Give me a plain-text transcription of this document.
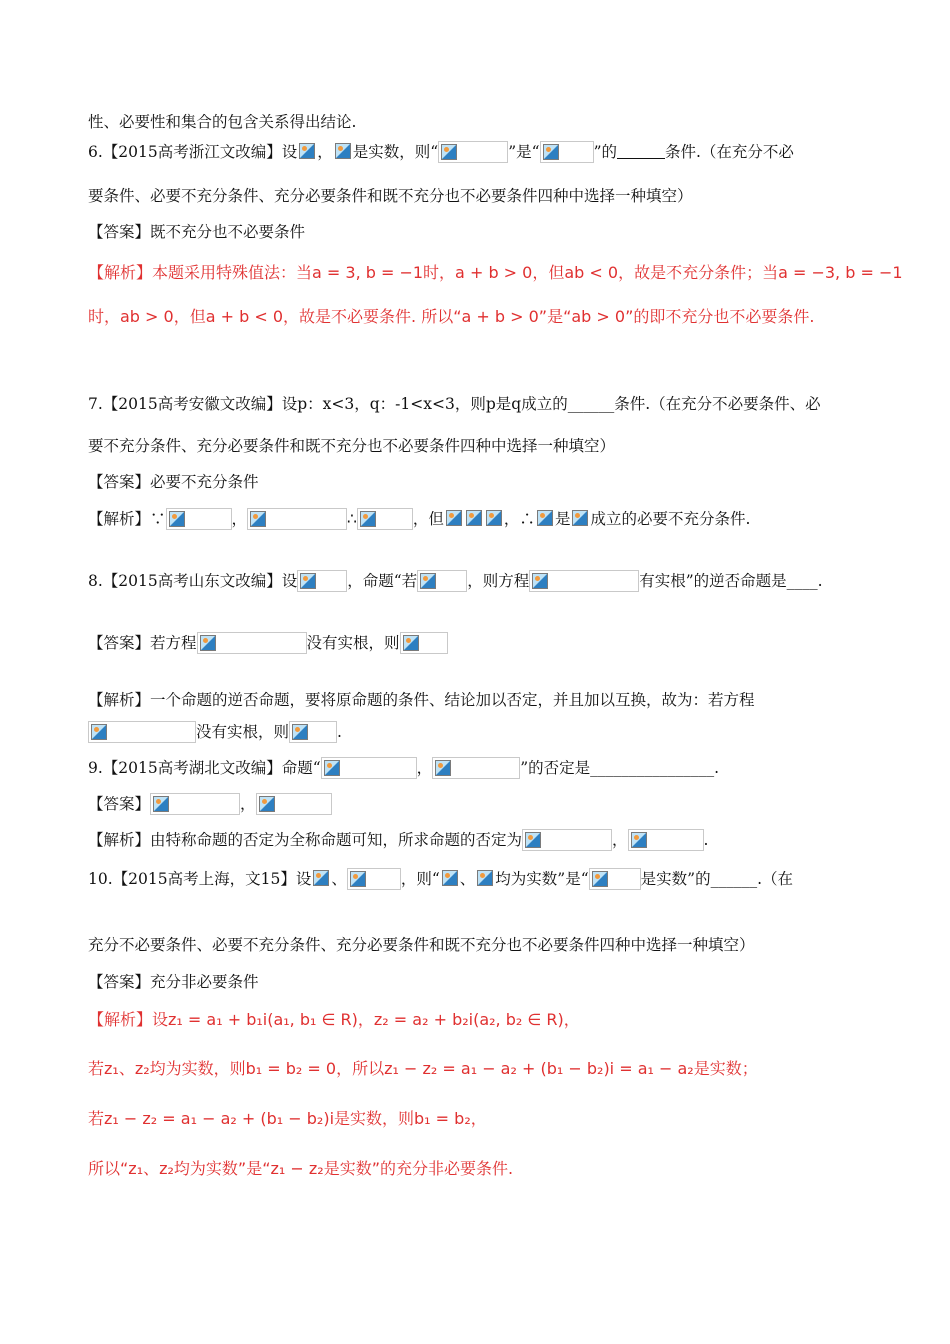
性、必要性和集合的包含关系得出结论.
6.【2015高考浙江文改编】设 ， 是实数，则“	”是“	”的	条件.（在充分不必
要条件、必要不充分条件、充分必要条件和既不充分也不必要条件四种中选择一种填空）
【答案】既不充分也不必要条件
【解析】本题采用特殊值法：当a = 3, b = −1时，a + b > 0，但ab < 0，故是不充分条件；当a = −3, b = −1
时，ab > 0，但a + b < 0，故是不必要条件. 所以“a + b > 0”是“ab > 0”的即不充分也不必要条件.
7.【2015高考安徽文改编】设p：x<3，q：-1<x<3，则p是q成立的______条件.（在充分不必要条件、必
要不充分条件、充分必要条件和既不充分也不必要条件四种中选择一种填空）
【答案】必要不充分条件
【解析】∵	，	∴	，但	，∴ 是 成立的必要不充分条件.
8.【2015高考山东文改编】设	，命题“若	，则方程	有实根”的逆否命题是____.
【答案】若方程	没有实根，则
【解析】一个命题的逆否命题，要将原命题的条件、结论加以否定，并且加以互换，故为：若方程
没有实根，则	.
9.【2015高考湖北文改编】命题“	，	”的否定是________________.
【答案】	，
【解析】由特称命题的否定为全称命题可知，所求命题的否定为	，	.
10.【2015高考上海，文15】设 、	，则“ 、 均为实数”是“	是实数”的______.（在
充分不必要条件、必要不充分条件、充分必要条件和既不充分也不必要条件四种中选择一种填空）
【答案】充分非必要条件
【解析】设z₁ = a₁ + b₁i(a₁, b₁ ∈ R)，z₂ = a₂ + b₂i(a₂, b₂ ∈ R)，
若z₁、z₂均为实数，则b₁ = b₂ = 0，所以z₁ − z₂ = a₁ − a₂ + (b₁ − b₂)i = a₁ − a₂是实数；
若z₁ − z₂ = a₁ − a₂ + (b₁ − b₂)i是实数，则b₁ = b₂，
所以“z₁、z₂均为实数”是“z₁ − z₂是实数”的充分非必要条件.
